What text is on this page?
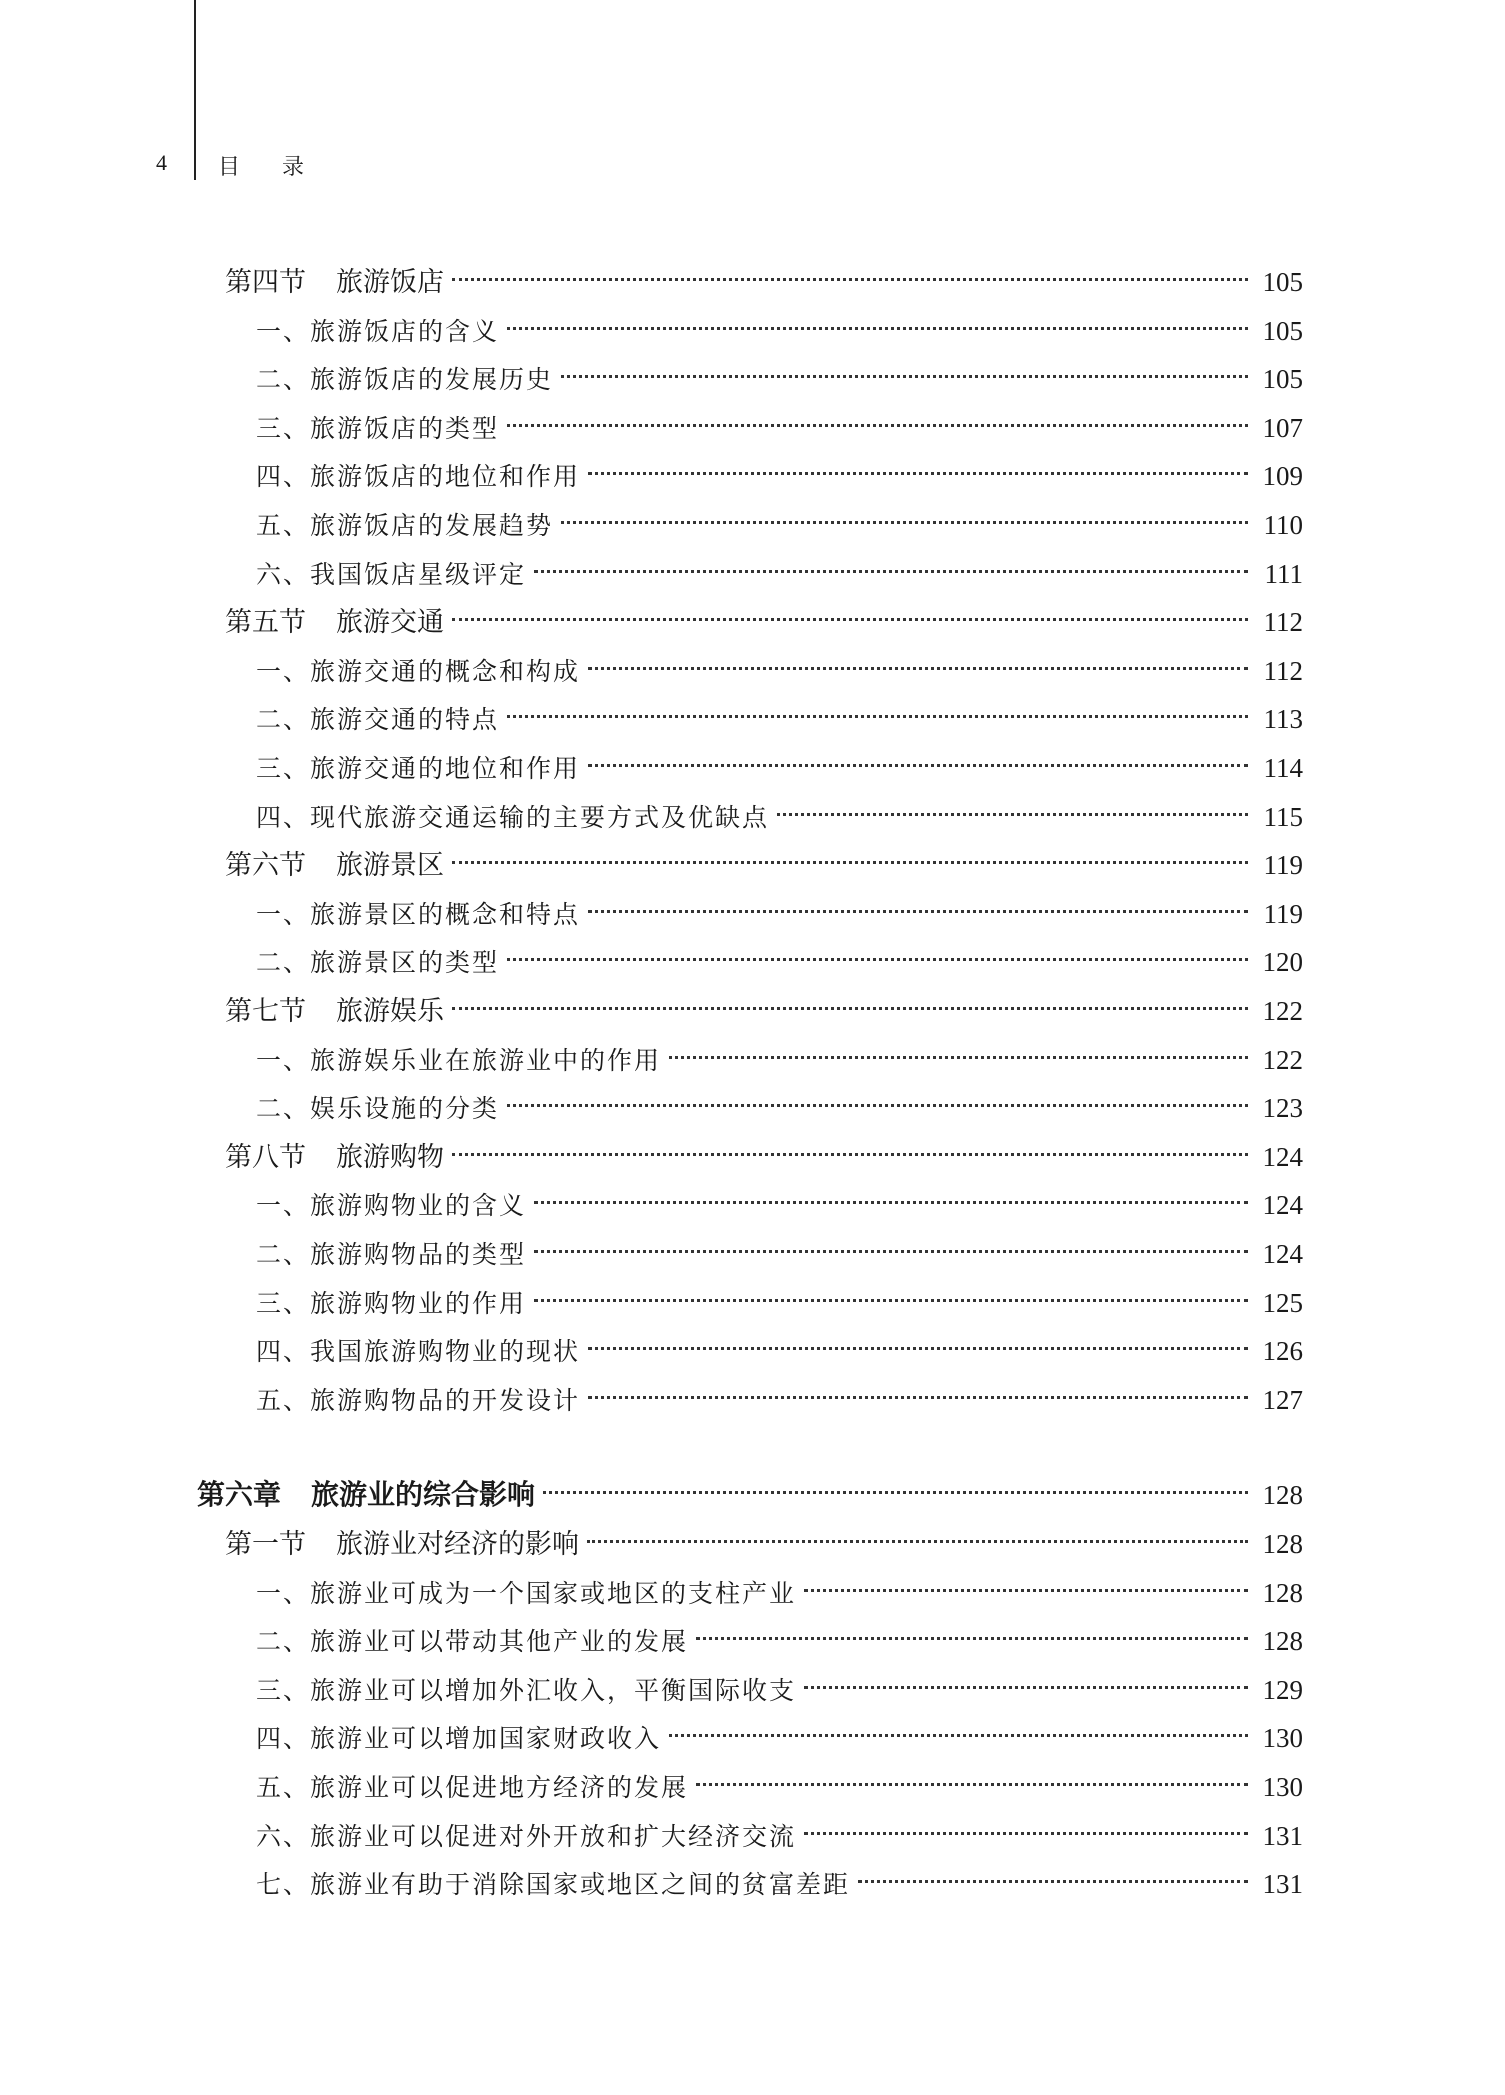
4 目录
第四节 旅游饭店	105
一、 旅游饭店的含义	105
二、 旅游饭店的发展历史	105
三、 旅游饭店的类型	107
四、 旅游饭店的地位和作用	109
五、 旅游饭店的发展趋势	110
六、 我国饭店星级评定	111
第五节 旅游交通	112
一、 旅游交通的概念和构成	112
二、 旅游交通的特点	113
三、 旅游交通的地位和作用	114
四、 现代旅游交通运输的主要方式及优缺点	115
第六节 旅游景区	119
一、 旅游景区的概念和特点	119
二、 旅游景区的类型	120
第七节 旅游娱乐	122
一、 旅游娱乐业在旅游业中的作用	122
二、 娱乐设施的分类	123
第八节 旅游购物	124
一、 旅游购物业的含义	124
二、 旅游购物品的类型	124
三、 旅游购物业的作用	125
四、 我国旅游购物业的现状	126
五、 旅游购物品的开发设计	127
第六章 旅游业的综合影响	128
第一节 旅游业对经济的影响	128
一、 旅游业可成为一个国家或地区的支柱产业	128
二、 旅游业可以带动其他产业的发展	128
三、 旅游业可以增加外汇收入，平衡国际收支	129
四、 旅游业可以增加国家财政收入	130
五、 旅游业可以促进地方经济的发展	130
六、 旅游业可以促进对外开放和扩大经济交流	131
七、 旅游业有助于消除国家或地区之间的贫富差距	131
